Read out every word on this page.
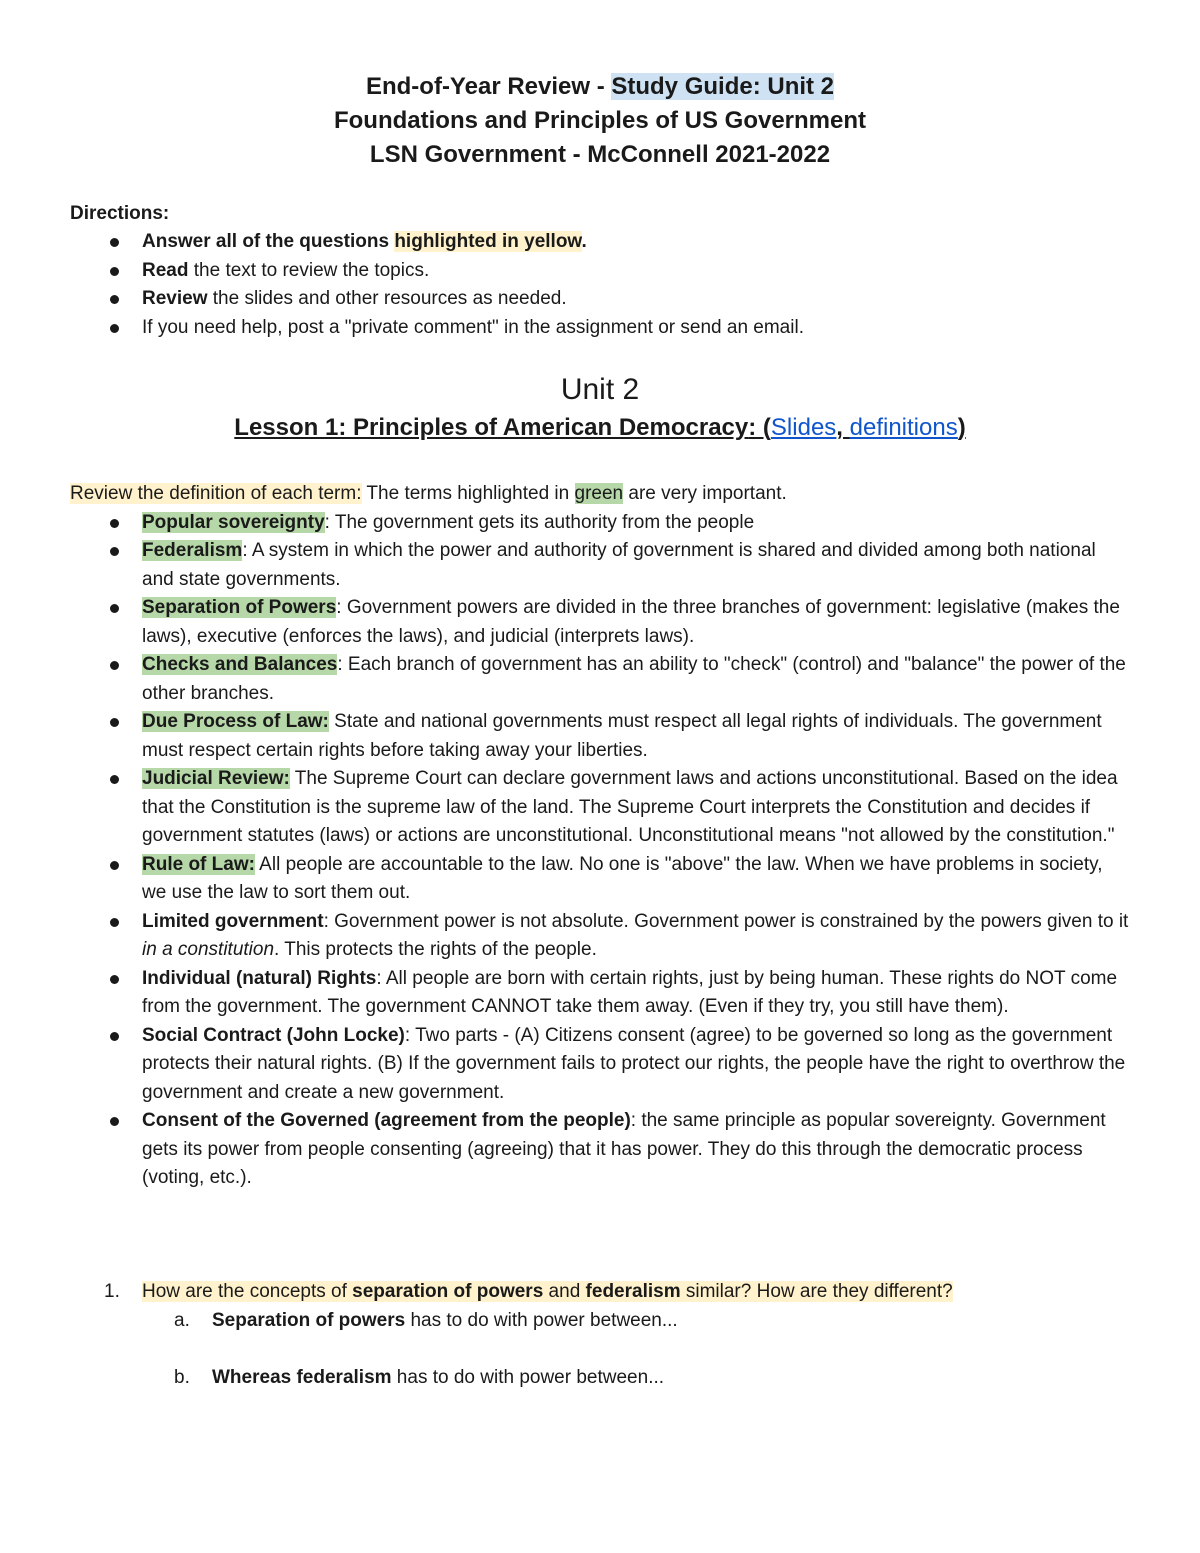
End-of-Year Review - Study Guide: Unit 2
Foundations and Principles of US Government
LSN Government - McConnell 2021-2022
Directions:
Answer all of the questions highlighted in yellow.
Read the text to review the topics.
Review the slides and other resources as needed.
If you need help, post a "private comment" in the assignment or send an email.
Unit 2
Lesson 1: Principles of American Democracy: (Slides, definitions)
Review the definition of each term: The terms highlighted in green are very important.
Popular sovereignty: The government gets its authority from the people
Federalism: A system in which the power and authority of government is shared and divided among both national and state governments.
Separation of Powers: Government powers are divided in the three branches of government: legislative (makes the laws), executive (enforces the laws), and judicial (interprets laws).
Checks and Balances: Each branch of government has an ability to "check" (control) and "balance" the power of the other branches.
Due Process of Law: State and national governments must respect all legal rights of individuals. The government must respect certain rights before taking away your liberties.
Judicial Review: The Supreme Court can declare government laws and actions unconstitutional. Based on the idea that the Constitution is the supreme law of the land. The Supreme Court interprets the Constitution and decides if government statutes (laws) or actions are unconstitutional. Unconstitutional means "not allowed by the constitution."
Rule of Law: All people are accountable to the law. No one is "above" the law. When we have problems in society, we use the law to sort them out.
Limited government: Government power is not absolute. Government power is constrained by the powers given to it in a constitution. This protects the rights of the people.
Individual (natural) Rights: All people are born with certain rights, just by being human. These rights do NOT come from the government. The government CANNOT take them away. (Even if they try, you still have them).
Social Contract (John Locke): Two parts - (A) Citizens consent (agree) to be governed so long as the government protects their natural rights. (B) If the government fails to protect our rights, the people have the right to overthrow the government and create a new government.
Consent of the Governed (agreement from the people): the same principle as popular sovereignty. Government gets its power from people consenting (agreeing) that it has power. They do this through the democratic process (voting, etc.).
1. How are the concepts of separation of powers and federalism similar? How are they different?
a. Separation of powers has to do with power between...
b. Whereas federalism has to do with power between...
